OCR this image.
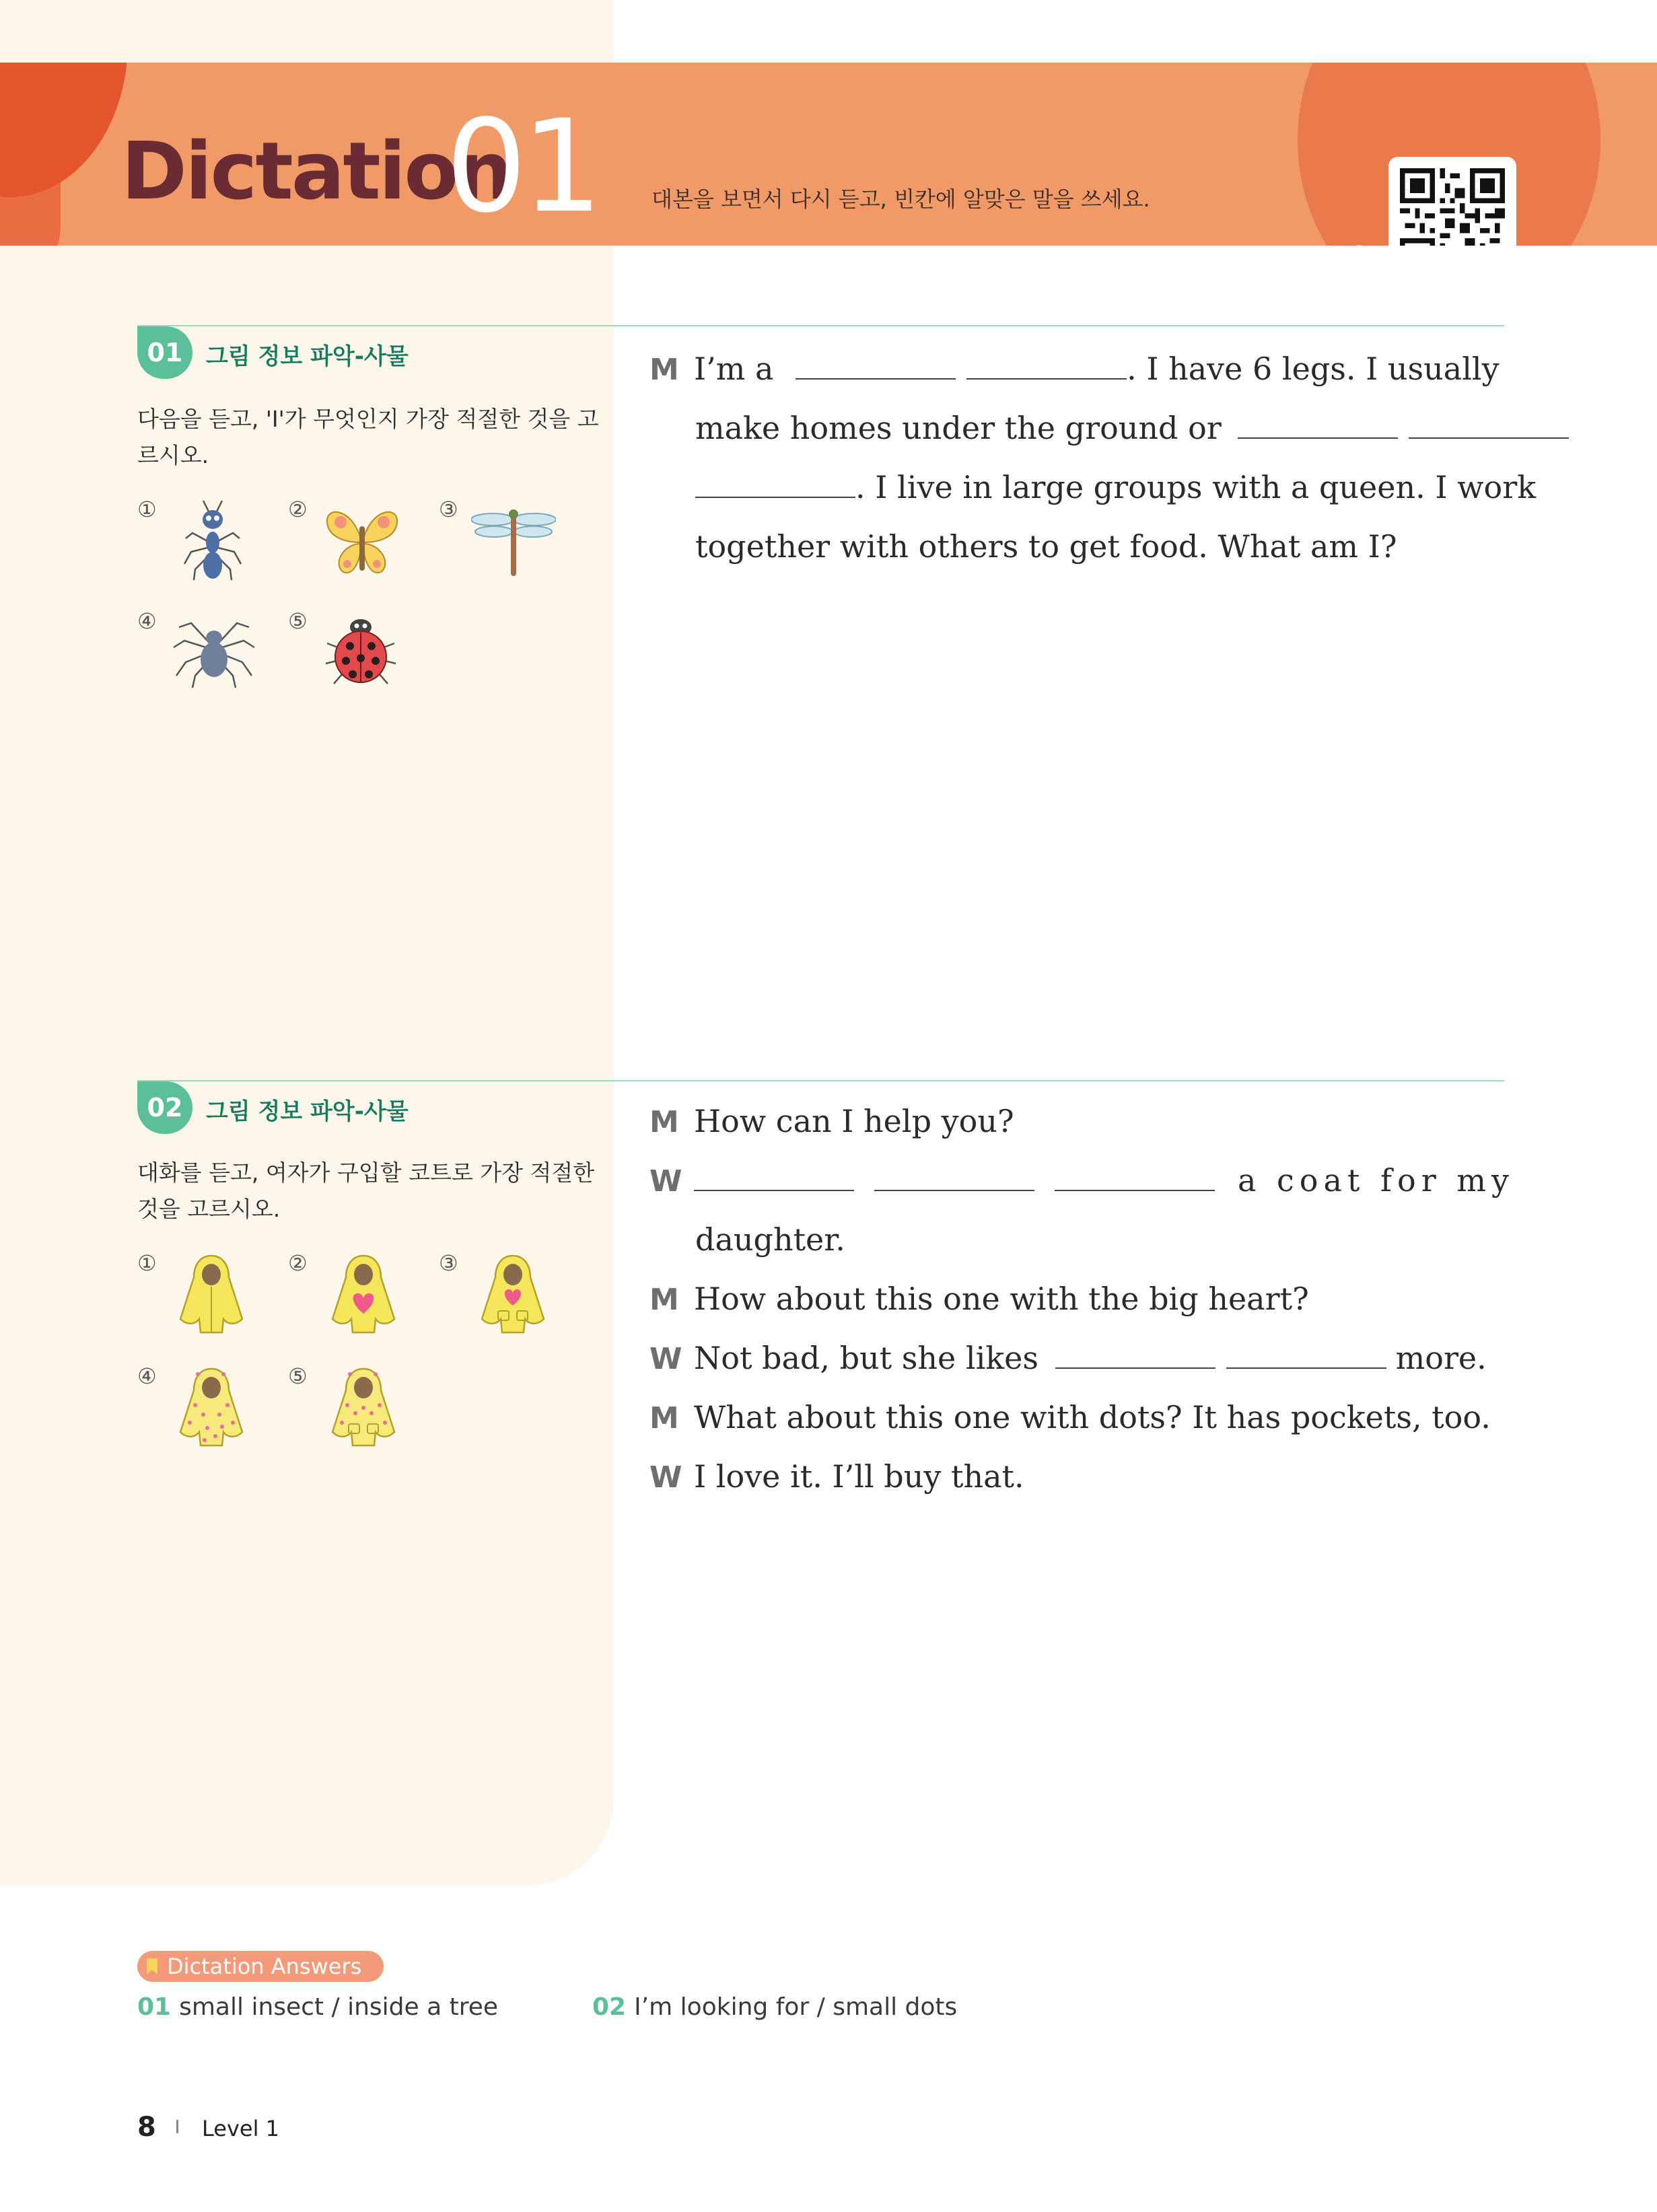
Dictation
01	대본을 보면서 다시 듣고, 빈칸에 알맞은 말을 쓰세요.
01	그림 정보 파악-사물
다음을 듣고, 'I'가 무엇인지 가장 적절한 것을 고르시오.
①	②	③
④	⑤
M I’m a	. I have 6 legs. I usually
make homes under the ground or
. I live in large groups with a queen. I work
together with others to get food. What am I?
02	그림 정보 파악-사물
대화를 듣고, 여자가 구입할 코트로 가장 적절한 것을 고르시오.
①	②	③
④	⑤
M How can I help you?
W	a coat for my
daughter.
M How about this one with the big heart?
W Not bad, but she likes	more.
M What about this one with dots? It has pockets, too.
W I love it. I’ll buy that.
Dictation Answers
01 small insect / inside a tree	02 I’m looking for / small dots
8 Level 1
